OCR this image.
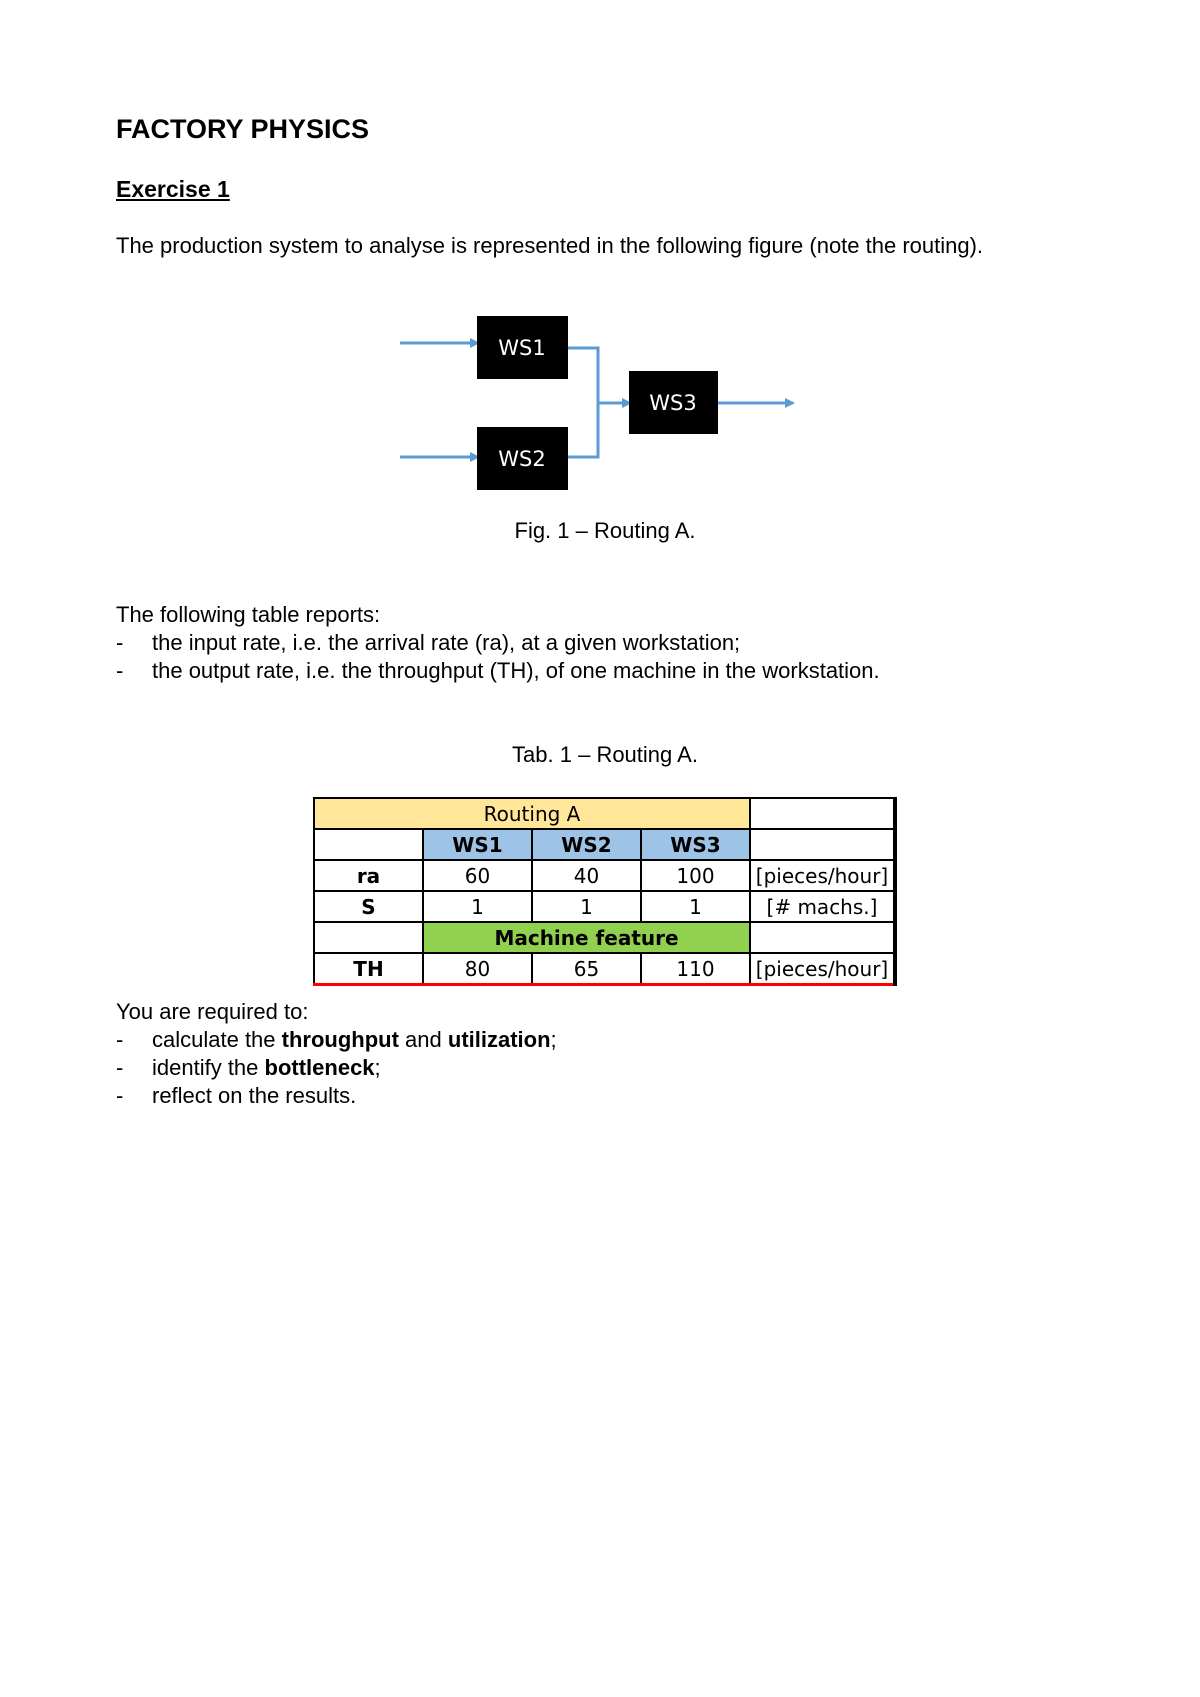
FACTORY PHYSICS
Exercise 1
The production system to analyse is represented in the following figure (note the routing).
WS1
WS2
WS3
Fig. 1 – Routing A.
The following table reports:
- the input rate, i.e. the arrival rate (ra), at a given workstation;
- the output rate, i.e. the throughput (TH), of one machine in the workstation.
Tab. 1 – Routing A.
Routing A				
	WS1	WS2	WS3	
ra	60	40	100	[pieces/hour]
S	1	1	1	[# machs.]
	Machine feature			
TH	80	65	110	[pieces/hour]
You are required to:
- calculate the throughput and utilization;
- identify the bottleneck;
- reflect on the results.
